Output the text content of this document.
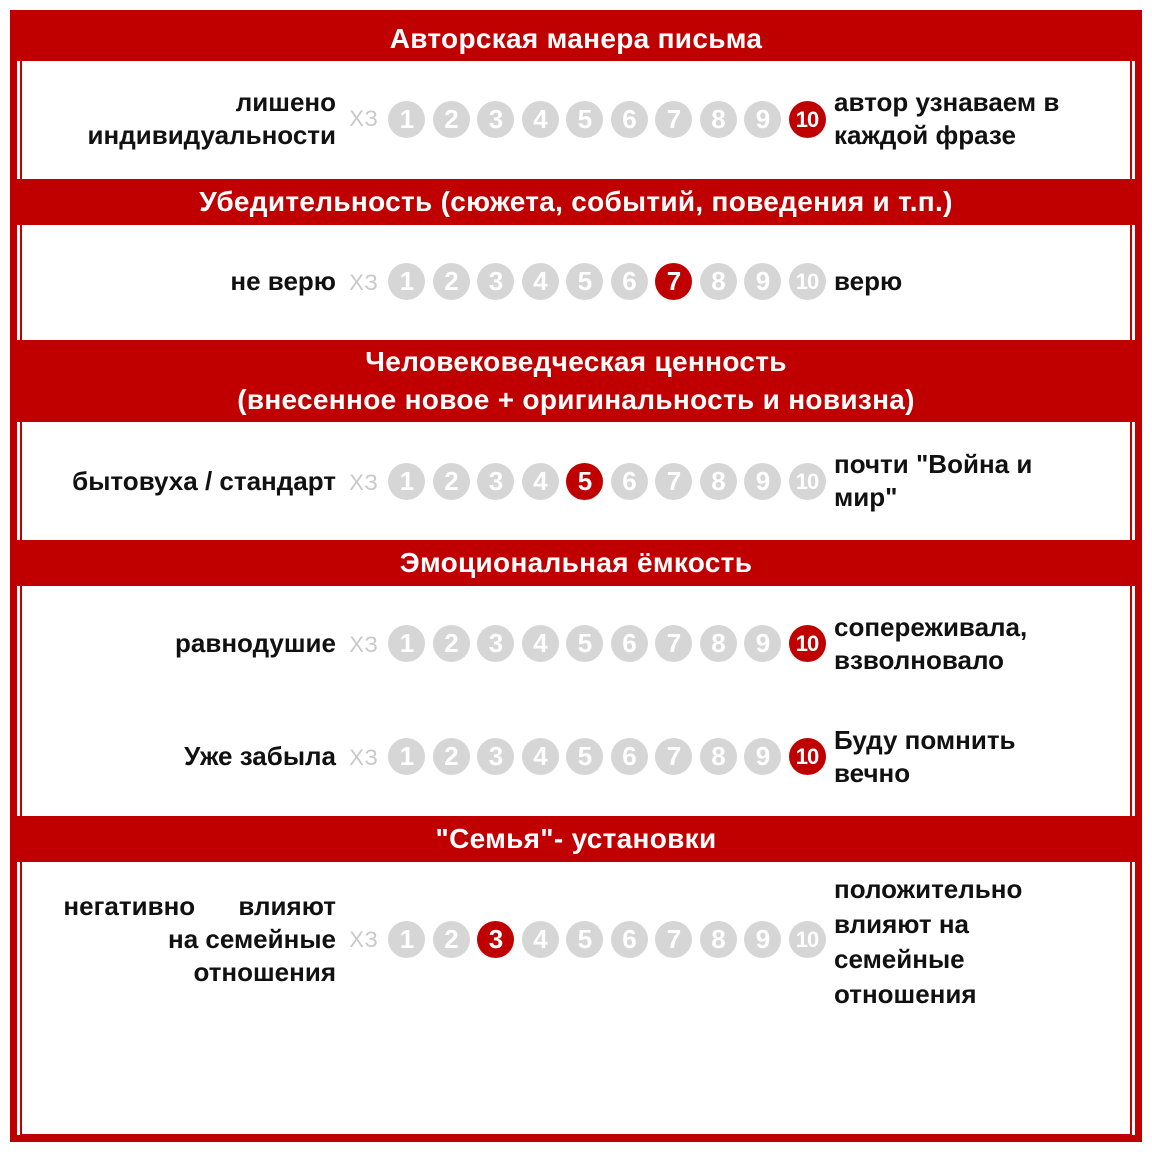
Авторская манера письма
лишено
индивидуальности
ХЗ 1	2	3	4	5	6	7	8	9	10
автор узнаваем в
каждой фразе
Убедительность (сюжета, событий, поведения и т.п.)
не верю ХЗ 1	2	3	4	5	6	7	8	9	10 верю
Человековедческая ценность
(внесенное новое + оригинальность и новизна)
бытовуха / стандарт ХЗ 1	2	3	4	5	6	7	8	9	10
почти "Война и
мир"
Эмоциональная ёмкость
равнодушие ХЗ 1	2	3	4	5	6	7	8	9	10
сопереживала,
взволновало
Уже забыла ХЗ 1	2	3	4	5	6	7	8	9	10
Буду помнить
вечно
"Семья"- установки
негативно влияют
на семейные
отношения
ХЗ 1	2	3	4	5	6	7	8	9	10
положительно
влияют на
семейные
отношения
